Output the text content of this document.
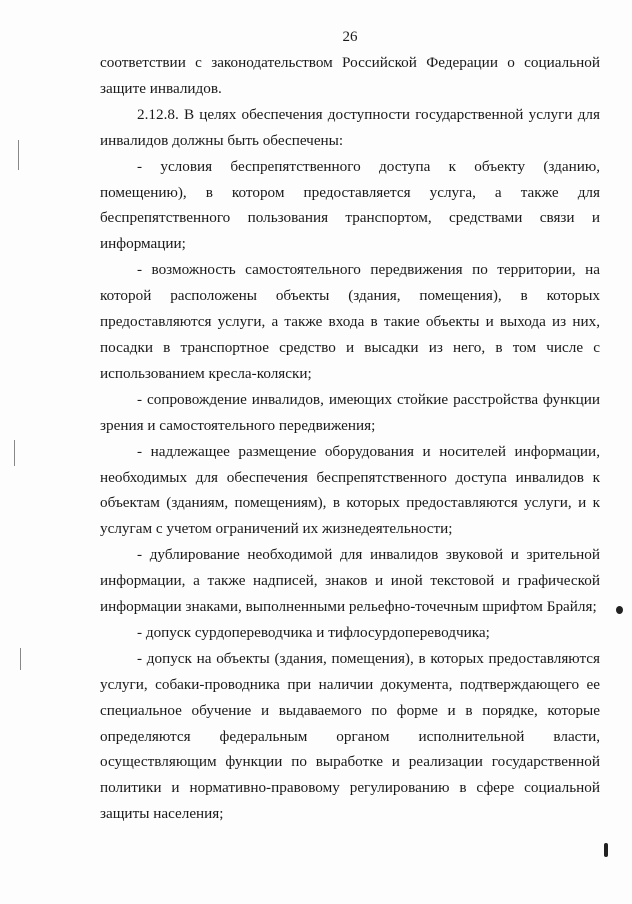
26

соответствии с законодательством Российской Федерации о социальной защите инвалидов.

2.12.8. В целях обеспечения доступности государственной услуги для инвалидов должны быть обеспечены:

- условия беспрепятственного доступа к объекту (зданию, помещению), в котором предоставляется услуга, а также для беспрепятственного пользования транспортом, средствами связи и информации;

- возможность самостоятельного передвижения по территории, на которой расположены объекты (здания, помещения), в которых предоставляются услуги, а также входа в такие объекты и выхода из них, посадки в транспортное средство и высадки из него, в том числе с использованием кресла-коляски;

- сопровождение инвалидов, имеющих стойкие расстройства функции зрения и самостоятельного передвижения;

- надлежащее размещение оборудования и носителей информации, необходимых для обеспечения беспрепятственного доступа инвалидов к объектам (зданиям, помещениям), в которых предоставляются услуги, и к услугам с учетом ограничений их жизнедеятельности;

- дублирование необходимой для инвалидов звуковой и зрительной информации, а также надписей, знаков и иной текстовой и графической информации знаками, выполненными рельефно-точечным шрифтом Брайля;

- допуск сурдопереводчика и тифлосурдопереводчика;

- допуск на объекты (здания, помещения), в которых предоставляются услуги, собаки-проводника при наличии документа, подтверждающего ее специальное обучение и выдаваемого по форме и в порядке, которые определяются федеральным органом исполнительной власти, осуществляющим функции по выработке и реализации государственной политики и нормативно-правовому регулированию в сфере социальной защиты населения;
